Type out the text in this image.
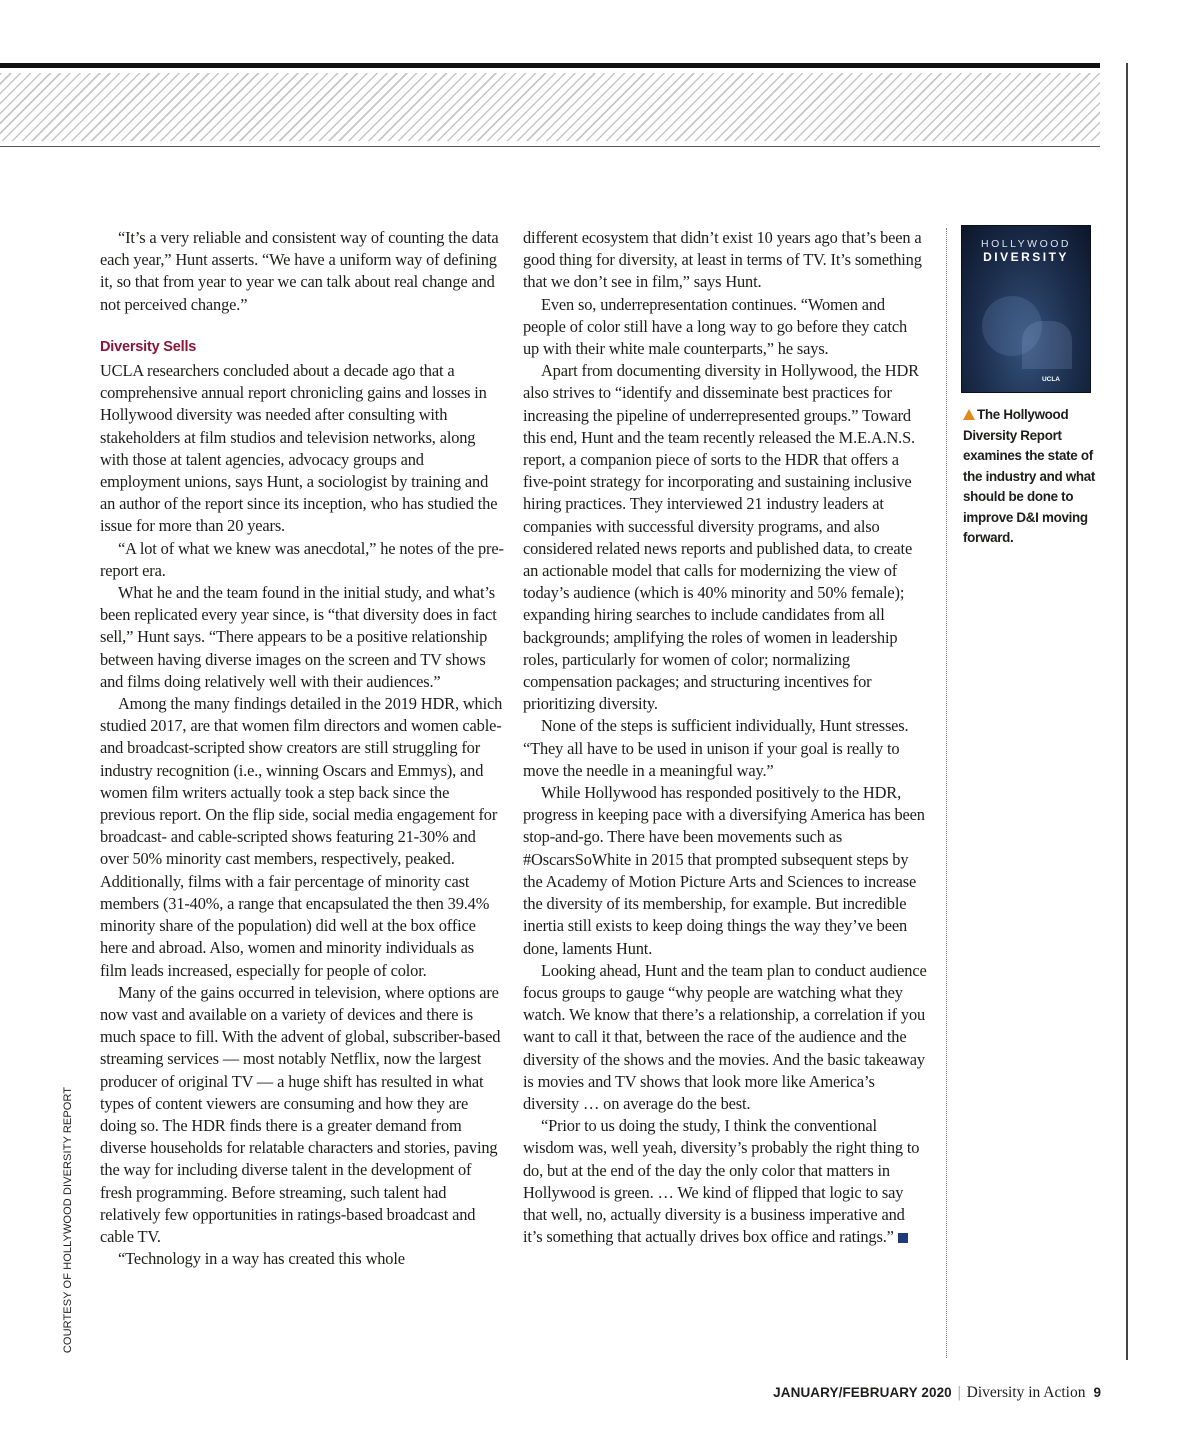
“It’s a very reliable and consistent way of counting the data each year,” Hunt asserts. “We have a uniform way of defining it, so that from year to year we can talk about real change and not perceived change.”

Diversity Sells

UCLA researchers concluded about a decade ago that a comprehensive annual report chronicling gains and losses in Hollywood diversity was needed after consulting with stakeholders at film studios and television networks, along with those at talent agencies, advocacy groups and employment unions, says Hunt, a sociologist by training and an author of the report since its inception, who has studied the issue for more than 20 years.

“A lot of what we knew was anecdotal,” he notes of the pre-report era.

What he and the team found in the initial study, and what’s been replicated every year since, is “that diversity does in fact sell,” Hunt says. “There appears to be a positive relationship between having diverse images on the screen and TV shows and films doing relatively well with their audiences.”

Among the many findings detailed in the 2019 HDR, which studied 2017, are that women film directors and women cable- and broadcast-scripted show creators are still struggling for industry recognition (i.e., winning Oscars and Emmys), and women film writers actually took a step back since the previous report. On the flip side, social media engagement for broadcast- and cable-scripted shows featuring 21-30% and over 50% minority cast members, respectively, peaked. Additionally, films with a fair percentage of minority cast members (31-40%, a range that encapsulated the then 39.4% minority share of the population) did well at the box office here and abroad. Also, women and minority individuals as film leads increased, especially for people of color.

Many of the gains occurred in television, where options are now vast and available on a variety of devices and there is much space to fill. With the advent of global, subscriber-based streaming services — most notably Netflix, now the largest producer of original TV — a huge shift has resulted in what types of content viewers are consuming and how they are doing so. The HDR finds there is a greater demand from diverse households for relatable characters and stories, paving the way for including diverse talent in the development of fresh programming. Before streaming, such talent had relatively few opportunities in ratings-based broadcast and cable TV.

“Technology in a way has created this whole

different ecosystem that didn’t exist 10 years ago that’s been a good thing for diversity, at least in terms of TV. It’s something that we don’t see in film,” says Hunt.

Even so, underrepresentation continues. “Women and people of color still have a long way to go before they catch up with their white male counterparts,” he says.

Apart from documenting diversity in Hollywood, the HDR also strives to “identify and disseminate best practices for increasing the pipeline of underrepresented groups.” Toward this end, Hunt and the team recently released the M.E.A.N.S. report, a companion piece of sorts to the HDR that offers a five-point strategy for incorporating and sustaining inclusive hiring practices. They interviewed 21 industry leaders at companies with successful diversity programs, and also considered related news reports and published data, to create an actionable model that calls for modernizing the view of today’s audience (which is 40% minority and 50% female); expanding hiring searches to include candidates from all backgrounds; amplifying the roles of women in leadership roles, particularly for women of color; normalizing compensation packages; and structuring incentives for prioritizing diversity.

None of the steps is sufficient individually, Hunt stresses. “They all have to be used in unison if your goal is really to move the needle in a meaningful way.”

While Hollywood has responded positively to the HDR, progress in keeping pace with a diversifying America has been stop-and-go. There have been movements such as #OscarsSoWhite in 2015 that prompted subsequent steps by the Academy of Motion Picture Arts and Sciences to increase the diversity of its membership, for example. But incredible inertia still exists to keep doing things the way they’ve been done, laments Hunt.

Looking ahead, Hunt and the team plan to conduct audience focus groups to gauge “why people are watching what they watch. We know that there’s a relationship, a correlation if you want to call it that, between the race of the audience and the diversity of the shows and the movies. And the basic takeaway is movies and TV shows that look more like America’s diversity … on average do the best.

“Prior to us doing the study, I think the conventional wisdom was, well yeah, diversity’s probably the right thing to do, but at the end of the day the only color that matters in Hollywood is green. … We kind of flipped that logic to say that well, no, actually diversity is a business imperative and it’s something that actually drives box office and ratings.”

HOLLYWOOD
DIVERSITY
UCLA
The Hollywood Diversity Report examines the state of the industry and what should be done to improve D&I moving forward.
COURTESY OF HOLLYWOOD DIVERSITY REPORT
JANUARY/FEBRUARY 2020 | Diversity in Action 9
